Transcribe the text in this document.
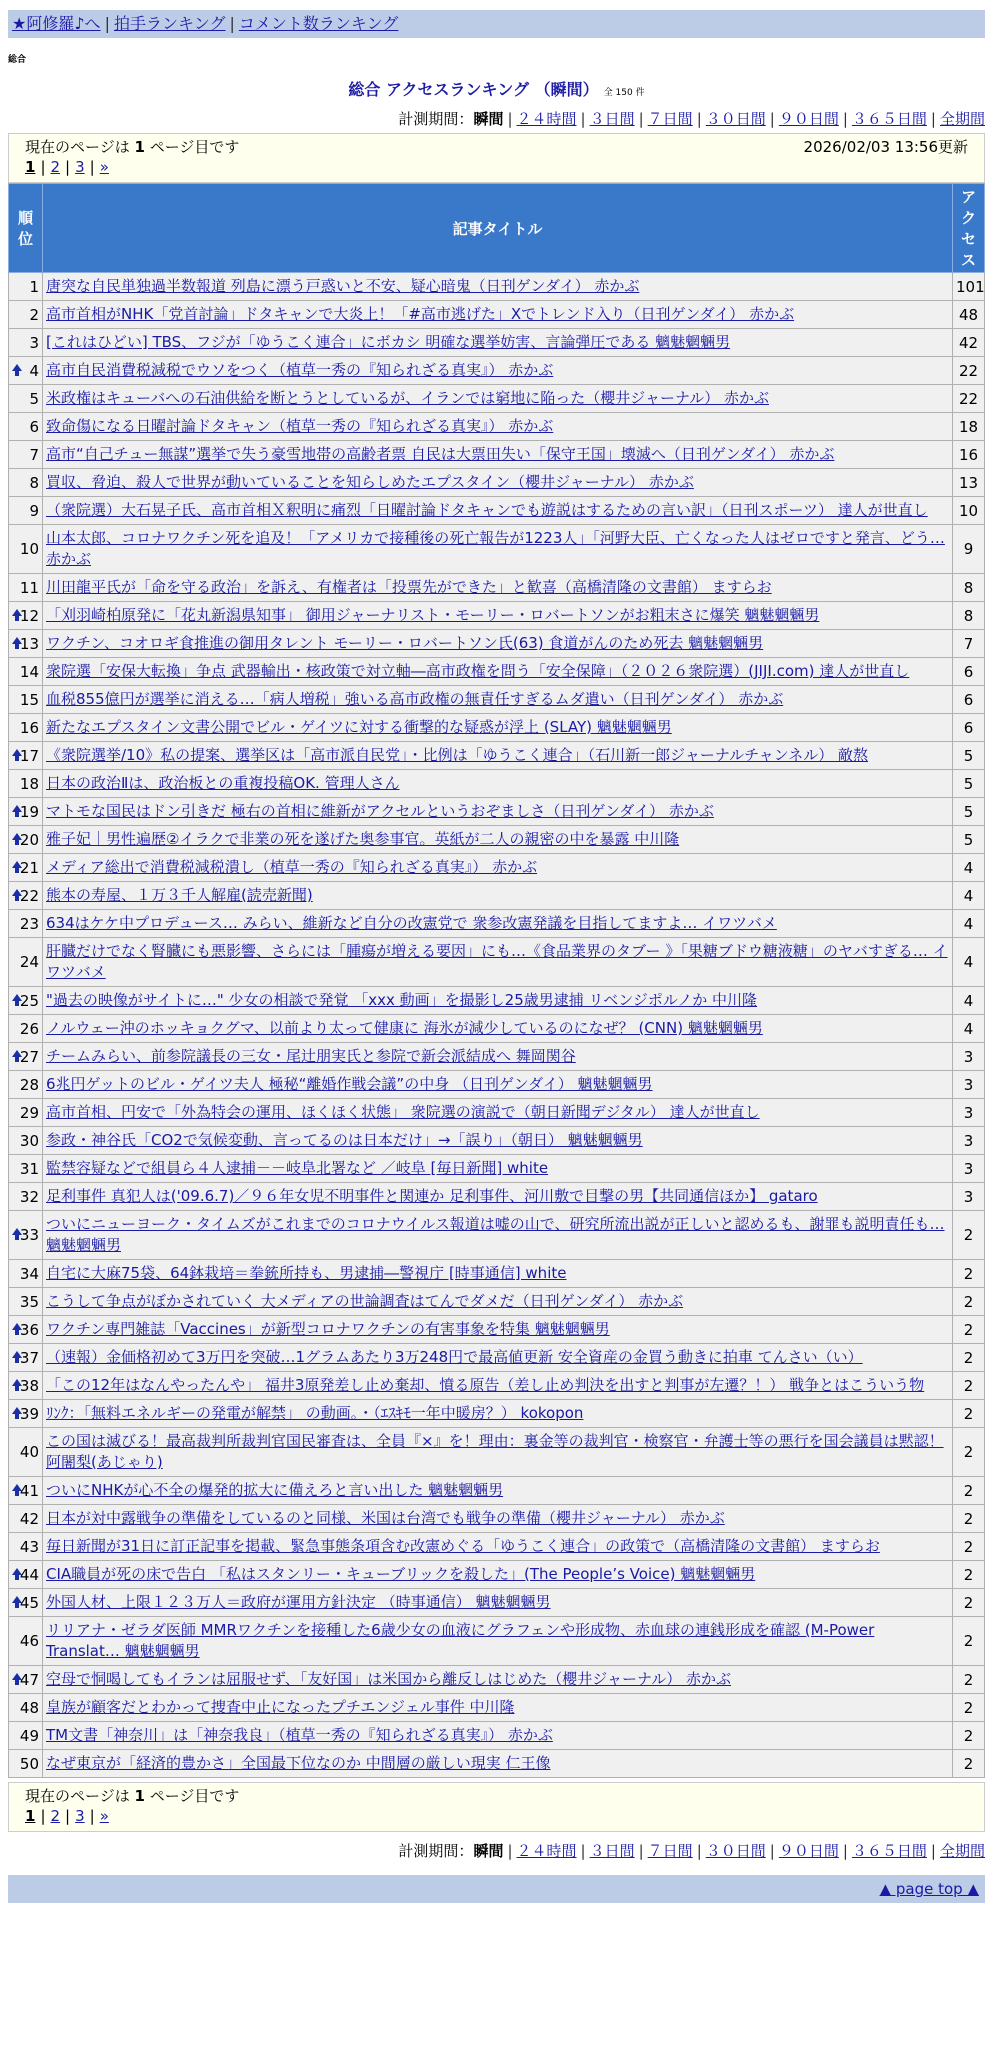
★阿修羅♪へ | 拍手ランキング | コメント数ランキング
総合
総合 アクセスランキング （瞬間） 全 150 件
計測期間：瞬間 | ２４時間 | ３日間 | ７日間 | ３０日間 | ９０日間 | ３６５日間 | 全期間
現在のページは 1 ページ目です	2026/02/03 13:56更新
1 | 2 | 3 | »
順位	記事タイトル	アクセス
1	唐突な自民単独過半数報道 列島に漂う戸惑いと不安、疑心暗鬼（日刊ゲンダイ） 赤かぶ	101
2	高市首相がNHK「党首討論」ドタキャンで大炎上！「#高市逃げた」Xでトレンド入り（日刊ゲンダイ） 赤かぶ	48
3	[これはひどい] TBS、フジが「ゆうこく連合」にボカシ 明確な選挙妨害、言論弾圧である 魑魅魍魎男	42

4	高市自民消費税減税でウソをつく（植草一秀の『知られざる真実』） 赤かぶ	22
5	米政権はキューバへの石油供給を断とうとしているが、イランでは窮地に陥った（櫻井ジャーナル） 赤かぶ	22
6	致命傷になる日曜討論ドタキャン（植草一秀の『知られざる真実』） 赤かぶ	18
7	高市“自己チュー無謀”選挙で失う豪雪地帯の高齢者票 自民は大票田失い「保守王国」壊滅へ（日刊ゲンダイ） 赤かぶ	16
8	買収、脅迫、殺人で世界が動いていることを知らしめたエプスタイン（櫻井ジャーナル） 赤かぶ	13
9	（衆院選）大石晃子氏、高市首相Ｘ釈明に痛烈「日曜討論ドタキャンでも遊説はするための言い訳」（日刊スポーツ） 達人が世直し	10
10	山本太郎、コロナワクチン死を追及！「アメリカで接種後の死亡報告が1223人」「河野大臣、亡くなった人はゼロですと発言、どう… 赤かぶ	9
11	川田龍平氏が「命を守る政治」を訴え、有権者は「投票先ができた」と歓喜（高橋清隆の文書館） ますらお	8

12	「刈羽崎柏原発に「花丸新潟県知事」 御用ジャーナリスト・モーリー・ロバートソンがお粗末さに爆笑 魑魅魍魎男	8

13	ワクチン、コオロギ食推進の御用タレント モーリー・ロバートソン氏(63) 食道がんのため死去 魑魅魍魎男	7
14	衆院選「安保大転換」争点 武器輸出・核政策で対立軸―高市政権を問う「安全保障」（２０２６衆院選）(JIJI.com) 達人が世直し	6
15	血税855億円が選挙に消える…「病人増税」強いる高市政権の無責任すぎるムダ遣い（日刊ゲンダイ） 赤かぶ	6
16	新たなエプスタイン文書公開でビル・ゲイツに対する衝撃的な疑惑が浮上 (SLAY) 魑魅魍魎男	6

17	《衆院選挙/10》私の提案、選挙区は「高市派自民党」・比例は「ゆうこく連合」（石川新一郎ジャーナルチャンネル） 敵熬	5
18	日本の政治Ⅱは、政治板との重複投稿OK. 管理人さん	5

19	マトモな国民はドン引きだ 極右の首相に維新がアクセルというおぞましさ（日刊ゲンダイ） 赤かぶ	5

20	雅子妃｜男性遍歴②イラクで非業の死を遂げた奥参事官。英紙が二人の親密の中を暴露 中川隆	5

21	メディア総出で消費税減税潰し（植草一秀の『知られざる真実』） 赤かぶ	4

22	熊本の寿屋、１万３千人解雇(読売新聞)	4
23	634はケケ中プロデュース… みらい、維新など自分の改憲党で 衆参改憲発議を目指してますよ… イワツバメ	4
24	肝臓だけでなく腎臓にも悪影響、さらには「腫瘍が増える要因」にも…《食品業界のタブー 》「果糖ブドウ糖液糖」のヤバすぎる… イワツバメ	4

25	"過去の映像がサイトに…" 少女の相談で発覚 「xxx 動画」を撮影し25歳男逮捕 リベンジポルノか 中川隆	4
26	ノルウェー沖のホッキョクグマ、以前より太って健康に 海氷が減少しているのになぜ？ (CNN) 魑魅魍魎男	4

27	チームみらい、前参院議長の三女・尾辻朋実氏と参院で新会派結成へ 舞岡関谷	3
28	6兆円ゲットのビル・ゲイツ夫人 極秘“離婚作戦会議”の中身 （日刊ゲンダイ） 魑魅魍魎男	3
29	高市首相、円安で「外為特会の運用、ほくほく状態」 衆院選の演説で（朝日新聞デジタル） 達人が世直し	3
30	参政・神谷氏「CO2で気候変動、言ってるのは日本だけ」→「誤り」（朝日） 魑魅魍魎男	3
31	監禁容疑などで組員ら４人逮捕－－岐阜北署など ／岐阜 [毎日新聞] white	3
32	足利事件 真犯人は('09.6.7)／９６年女児不明事件と関連か 足利事件、河川敷で目撃の男【共同通信ほか】 gataro	3

33	ついにニューヨーク・タイムズがこれまでのコロナウイルス報道は嘘の山で、研究所流出説が正しいと認めるも、謝罪も説明責任も… 魑魅魍魎男	2
34	自宅に大麻75袋、64鉢栽培＝拳銃所持も、男逮捕―警視庁 [時事通信] white	2
35	こうして争点がぼかされていく 大メディアの世論調査はてんでダメだ（日刊ゲンダイ） 赤かぶ	2

36	ワクチン専門雑誌「Vaccines」が新型コロナワクチンの有害事象を特集 魑魅魍魎男	2

37	（速報）金価格初めて3万円を突破…1グラムあたり3万248円で最高値更新 安全資産の金買う動きに拍車 てんさい（い）	2

38	「この12年はなんやったんや」 福井3原発差し止め棄却、憤る原告（差し止め判決を出すと判事が左遷？！） 戦争とはこういう物	2

39	ﾘﾝｸ：「無料エネルギーの発電が解禁」 の動画。・（ｴｽｷﾓ一年中暖房？） kokopon	2
40	この国は滅びる！最高裁判所裁判官国民審査は、全員『×』を！理由：裏金等の裁判官・検察官・弁護士等の悪行を国会議員は黙認！ 阿闍梨(あじゃり)	2

41	ついにNHKが心不全の爆発的拡大に備えろと言い出した 魑魅魍魎男	2
42	日本が対中露戦争の準備をしているのと同様、米国は台湾でも戦争の準備（櫻井ジャーナル） 赤かぶ	2
43	毎日新聞が31日に訂正記事を掲載、緊急事態条項含む改憲めぐる「ゆうこく連合」の政策で（高橋清隆の文書館） ますらお	2

44	CIA職員が死の床で告白 「私はスタンリー・キューブリックを殺した」(The People’s Voice) 魑魅魍魎男	2

45	外国人材、上限１２３万人＝政府が運用方針決定 （時事通信） 魑魅魍魎男	2
46	リリアナ・ゼラダ医師 MMRワクチンを接種した6歳少女の血液にグラフェンや形成物、赤血球の連銭形成を確認 (M-Power Translat… 魑魅魍魎男	2

47	空母で恫喝してもイランは屈服せず、「友好国」は米国から離反しはじめた（櫻井ジャーナル） 赤かぶ	2
48	皇族が顧客だとわかって捜査中止になったプチエンジェル事件 中川隆	2
49	TM文書「神奈川」は「神奈我良」（植草一秀の『知られざる真実』） 赤かぶ	2
50	なぜ東京が「経済的豊かさ」全国最下位なのか 中間層の厳しい現実 仁王像	2
現在のページは 1 ページ目です
1 | 2 | 3 | »
計測期間：瞬間 | ２４時間 | ３日間 | ７日間 | ３０日間 | ９０日間 | ３６５日間 | 全期間
▲ page top ▲
